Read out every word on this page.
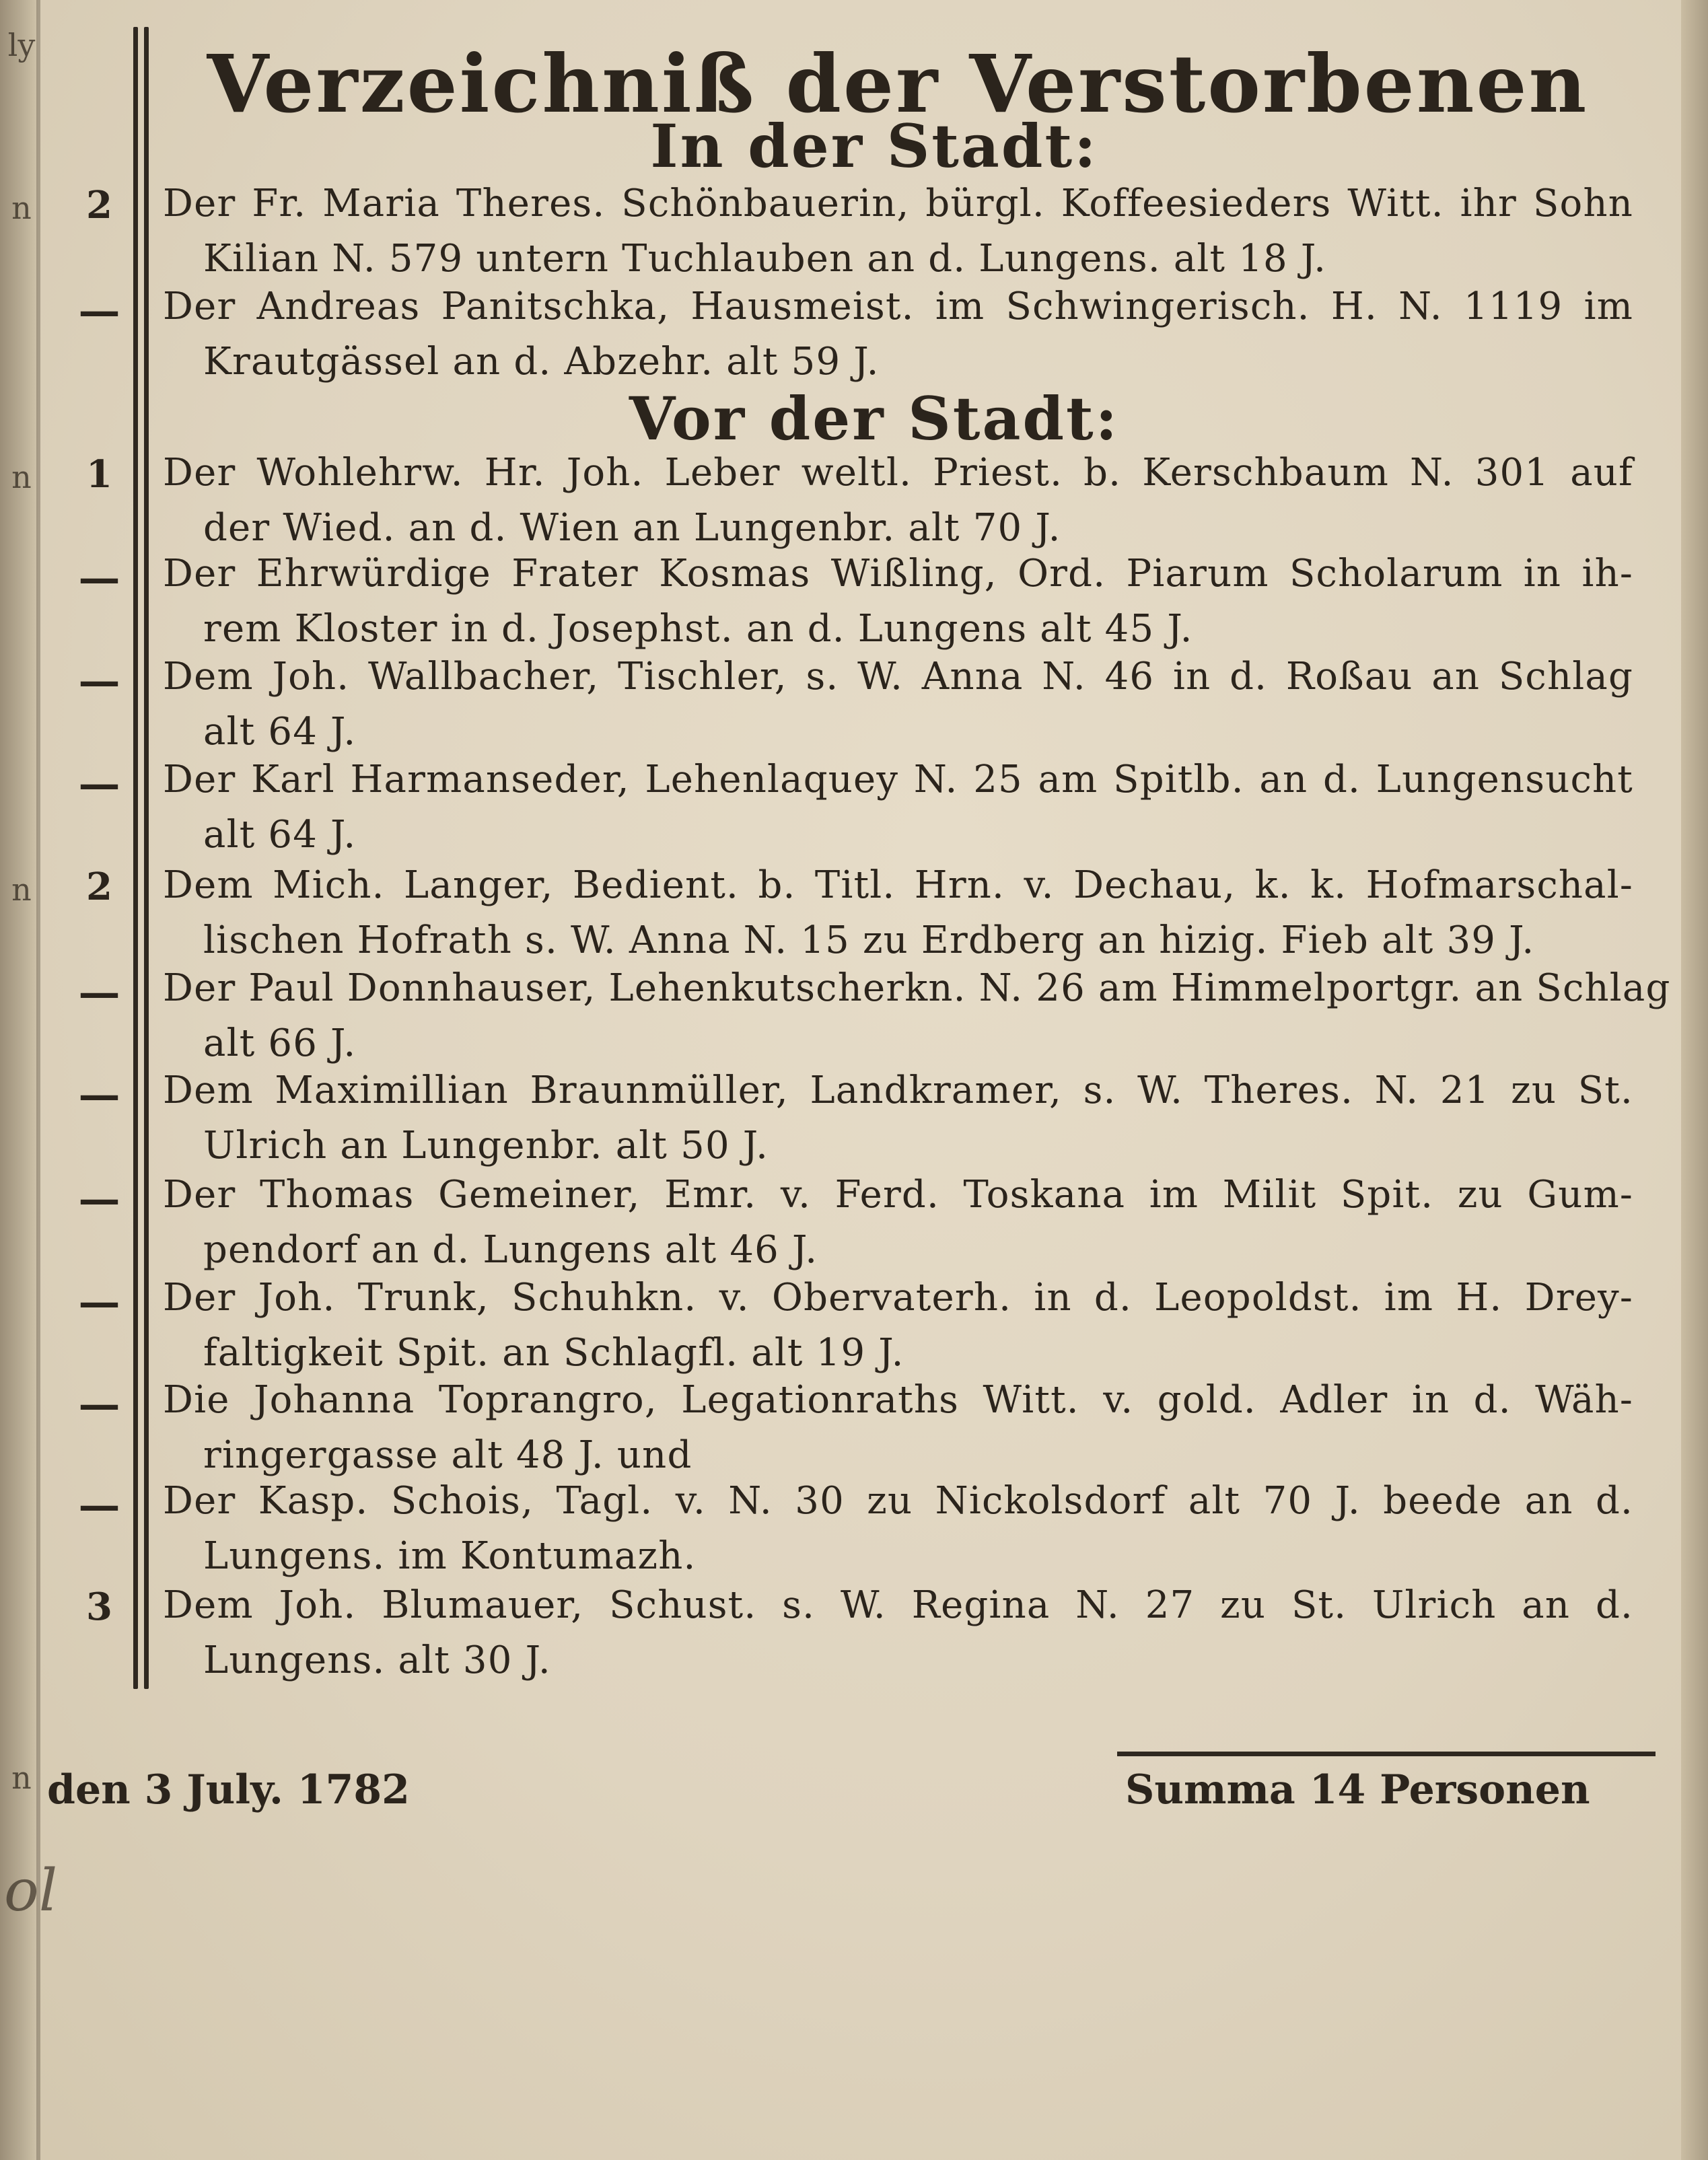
ly
n
n
n
n
Verzeichniß der Verstorbenen
In der Stadt:
Vor der Stadt:
2	Der Fr. Maria Theres. Schönbauerin, bürgl. Koffeesieders Witt. ihr Sohn
Kilian N. 579 untern Tuchlauben an d. Lungens. alt 18 J.
— Der Andreas Panitschka, Hausmeist. im Schwingerisch. H. N. 1119 im
Krautgässel an d. Abzehr. alt 59 J.
1	Der Wohlehrw. Hr. Joh. Leber weltl. Priest. b. Kerschbaum N. 301 auf
der Wied. an d. Wien an Lungenbr. alt 70 J.
— Der Ehrwürdige Frater Kosmas Wißling, Ord. Piarum Scholarum in ih-
rem Kloster in d. Josephst. an d. Lungens alt 45 J.
— Dem Joh. Wallbacher, Tischler, s. W. Anna N. 46 in d. Roßau an Schlag
alt 64 J.
— Der Karl Harmanseder, Lehenlaquey N. 25 am Spitlb. an d. Lungensucht
alt 64 J.
2	Dem Mich. Langer, Bedient. b. Titl. Hrn. v. Dechau, k. k. Hofmarschal-
lischen Hofrath s. W. Anna N. 15 zu Erdberg an hizig. Fieb alt 39 J.
— Der Paul Donnhauser, Lehenkutscherkn. N. 26 am Himmelportgr. an Schlag
alt 66 J.
— Dem Maximillian Braunmüller, Landkramer, s. W. Theres. N. 21 zu St.
Ulrich an Lungenbr. alt 50 J.
— Der Thomas Gemeiner, Emr. v. Ferd. Toskana im Milit Spit. zu Gum-
pendorf an d. Lungens alt 46 J.
— Der Joh. Trunk, Schuhkn. v. Obervaterh. in d. Leopoldst. im H. Drey-
faltigkeit Spit. an Schlagfl. alt 19 J.
— Die Johanna Toprangro, Legationraths Witt. v. gold. Adler in d. Wäh-
ringergasse alt 48 J. und
— Der Kasp. Schois, Tagl. v. N. 30 zu Nickolsdorf alt 70 J. beede an d.
Lungens. im Kontumazh.
3	Dem Joh. Blumauer, Schust. s. W. Regina N. 27 zu St. Ulrich an d.
Lungens. alt 30 J.
den 3 July. 1782	Summa 14 Personen
ol
